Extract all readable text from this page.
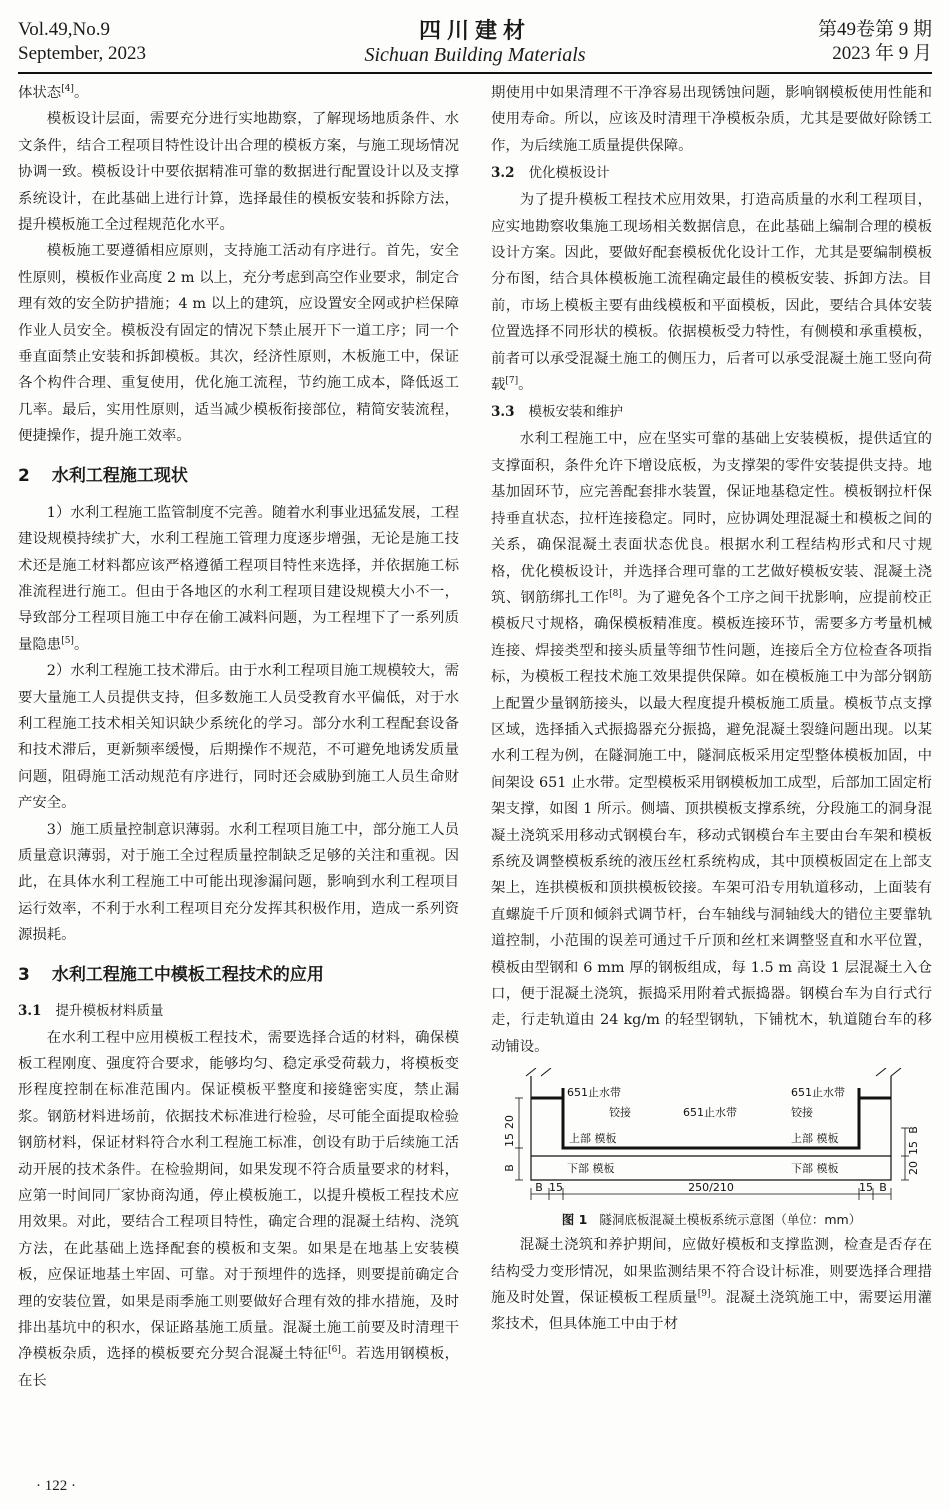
Vol.49,No.9
September, 2023
四川建材
Sichuan Building Materials
第49卷第 9 期
2023 年 9 月

体状态[4]。

模板设计层面，需要充分进行实地勘察，了解现场地质条件、水文条件，结合工程项目特性设计出合理的模板方案，与施工现场情况协调一致。模板设计中要依据精准可靠的数据进行配置设计以及支撑系统设计，在此基础上进行计算，选择最佳的模板安装和拆除方法，提升模板施工全过程规范化水平。

模板施工要遵循相应原则，支持施工活动有序进行。首先，安全性原则，模板作业高度 2 m 以上，充分考虑到高空作业要求，制定合理有效的安全防护措施；4 m 以上的建筑，应设置安全网或护栏保障作业人员安全。模板没有固定的情况下禁止展开下一道工序；同一个垂直面禁止安装和拆卸模板。其次，经济性原则，木板施工中，保证各个构件合理、重复使用，优化施工流程，节约施工成本，降低返工几率。最后，实用性原则，适当减少模板衔接部位，精简安装流程，便捷操作，提升施工效率。

2 水利工程施工现状

1）水利工程施工监管制度不完善。随着水利事业迅猛发展，工程建设规模持续扩大，水利工程施工管理力度逐步增强，无论是施工技术还是施工材料都应该严格遵循工程项目特性来选择，并依据施工标准流程进行施工。但由于各地区的水利工程项目建设规模大小不一，导致部分工程项目施工中存在偷工减料问题，为工程埋下了一系列质量隐患[5]。

2）水利工程施工技术滞后。由于水利工程项目施工规模较大，需要大量施工人员提供支持，但多数施工人员受教育水平偏低，对于水利工程施工技术相关知识缺少系统化的学习。部分水利工程配套设备和技术滞后，更新频率缓慢，后期操作不规范，不可避免地诱发质量问题，阻碍施工活动规范有序进行，同时还会威胁到施工人员生命财产安全。

3）施工质量控制意识薄弱。水利工程项目施工中，部分施工人员质量意识薄弱，对于施工全过程质量控制缺乏足够的关注和重视。因此，在具体水利工程施工中可能出现渗漏问题，影响到水利工程项目运行效率，不利于水利工程项目充分发挥其积极作用，造成一系列资源损耗。

3 水利工程施工中模板工程技术的应用
3.1 提升模板材料质量

在水利工程中应用模板工程技术，需要选择合适的材料，确保模板工程刚度、强度符合要求，能够均匀、稳定承受荷载力，将模板变形程度控制在标准范围内。保证模板平整度和接缝密实度，禁止漏浆。钢筋材料进场前，依据技术标准进行检验，尽可能全面提取检验钢筋材料，保证材料符合水利工程施工标准，创设有助于后续施工活动开展的技术条件。在检验期间，如果发现不符合质量要求的材料，应第一时间同厂家协商沟通，停止模板施工，以提升模板工程技术应用效果。对此，要结合工程项目特性，确定合理的混凝土结构、浇筑方法，在此基础上选择配套的模板和支架。如果是在地基上安装模板，应保证地基土牢固、可靠。对于预埋件的选择，则要提前确定合理的安装位置，如果是雨季施工则要做好合理有效的排水措施，及时排出基坑中的积水，保证路基施工质量。混凝土施工前要及时清理干净模板杂质，选择的模板要充分契合混凝土特征[6]。若选用钢模板，在长

期使用中如果清理不干净容易出现锈蚀问题，影响钢模板使用性能和使用寿命。所以，应该及时清理干净模板杂质，尤其是要做好除锈工作，为后续施工质量提供保障。

3.2 优化模板设计

为了提升模板工程技术应用效果，打造高质量的水利工程项目，应实地勘察收集施工现场相关数据信息，在此基础上编制合理的模板设计方案。因此，要做好配套模板优化设计工作，尤其是要编制模板分布图，结合具体模板施工流程确定最佳的模板安装、拆卸方法。目前，市场上模板主要有曲线模板和平面模板，因此，要结合具体安装位置选择不同形状的模板。依据模板受力特性，有侧模和承重模板，前者可以承受混凝土施工的侧压力，后者可以承受混凝土施工竖向荷载[7]。

3.3 模板安装和维护

水利工程施工中，应在坚实可靠的基础上安装模板，提供适宜的支撑面积，条件允许下增设底板，为支撑架的零件安装提供支持。地基加固环节，应完善配套排水装置，保证地基稳定性。模板钢拉杆保持垂直状态，拉杆连接稳定。同时，应协调处理混凝土和模板之间的关系，确保混凝土表面状态优良。根据水利工程结构形式和尺寸规格，优化模板设计，并选择合理可靠的工艺做好模板安装、混凝土浇筑、钢筋绑扎工作[8]。为了避免各个工序之间干扰影响，应提前校正模板尺寸规格，确保模板精准度。模板连接环节，需要多方考量机械连接、焊接类型和接头质量等细节性问题，连接后全方位检查各项指标，为模板工程技术施工效果提供保障。如在模板施工中为部分钢筋上配置少量钢筋接头，以最大程度提升模板施工质量。模板节点支撑区域，选择插入式振捣器充分振捣，避免混凝土裂缝问题出现。以某水利工程为例，在隧洞施工中，隧洞底板采用定型整体模板加固，中间架设 651 止水带。定型模板采用钢模板加工成型，后部加工固定桁架支撑，如图 1 所示。侧墙、顶拱模板支撑系统，分段施工的洞身混凝土浇筑采用移动式钢模台车，移动式钢模台车主要由台车架和模板系统及调整模板系统的液压丝杠系统构成，其中顶模板固定在上部支架上，连拱模板和顶拱模板铰接。车架可沿专用轨道移动，上面装有直螺旋千斤顶和倾斜式调节杆，台车轴线与洞轴线大的错位主要靠轨道控制，小范围的误差可通过千斤顶和丝杠来调整竖直和水平位置，模板由型钢和 6 mm 厚的钢板组成，每 1.5 m 高设 1 层混凝土入仓口，便于混凝土浇筑，振捣采用附着式振捣器。钢模台车为自行式行走，行走轨道由 24 kg/m 的轻型钢轨，下铺枕木，轨道随台车的移动铺设。

20
15
B	20
15
B
651止水带
铰接	651止水带
651止水带
铰接
上部 模板	上部 模板
下部 模板	下部 模板
B 15	250/210	15 B
图 1 隧洞底板混凝土模板系统示意图（单位：mm）

混凝土浇筑和养护期间，应做好模板和支撑监测，检查是否存在结构受力变形情况，如果监测结果不符合设计标准，则要选择合理措施及时处置，保证模板工程质量[9]。混凝土浇筑施工中，需要运用灌浆技术，但具体施工中由于材

· 122 ·
